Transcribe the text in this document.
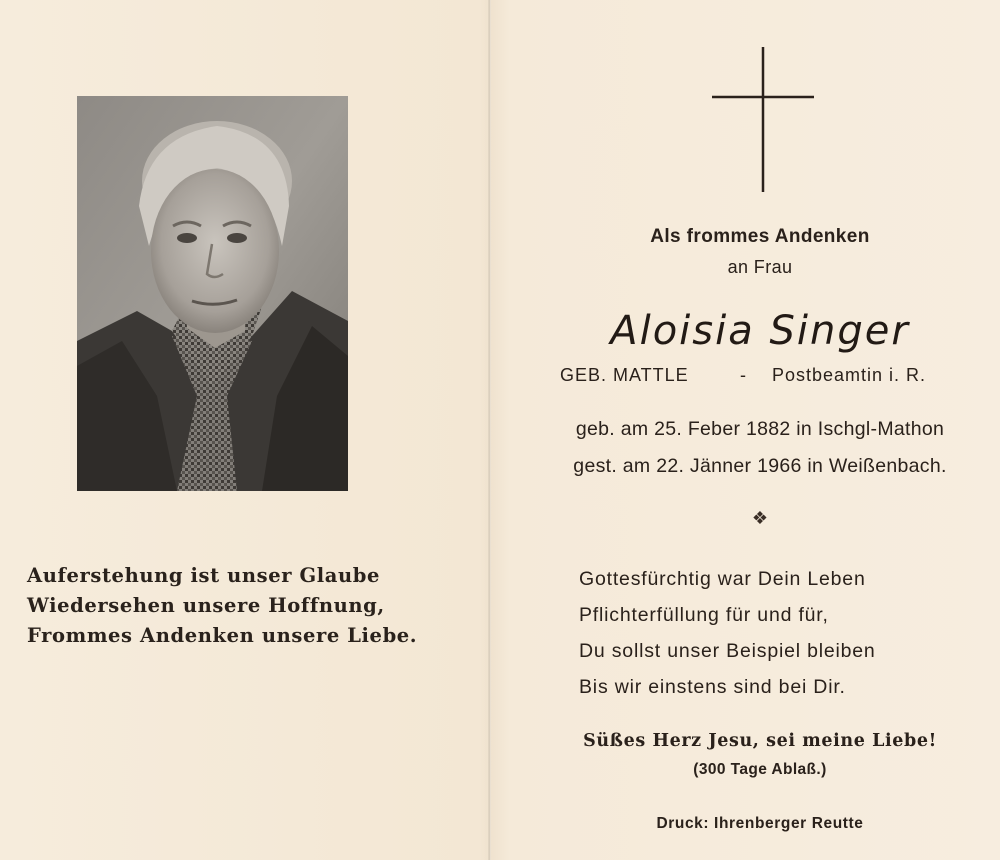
Auferstehung ist unser Glaube
Wiedersehen unsere Hoffnung,
Frommes Andenken unsere Liebe.
Als frommes Andenken
an Frau
Aloisia Singer
GEB. MATTLE	- Postbeamtin i. R.
geb. am 25. Feber 1882 in Ischgl-Mathon
gest. am 22. Jänner 1966 in Weißenbach.
❖
Gottesfürchtig war Dein Leben
Pflichterfüllung für und für,
Du sollst unser Beispiel bleiben
Bis wir einstens sind bei Dir.
Süßes Herz Jesu, sei meine Liebe!
(300 Tage Ablaß.)
Druck: Ihrenberger Reutte
